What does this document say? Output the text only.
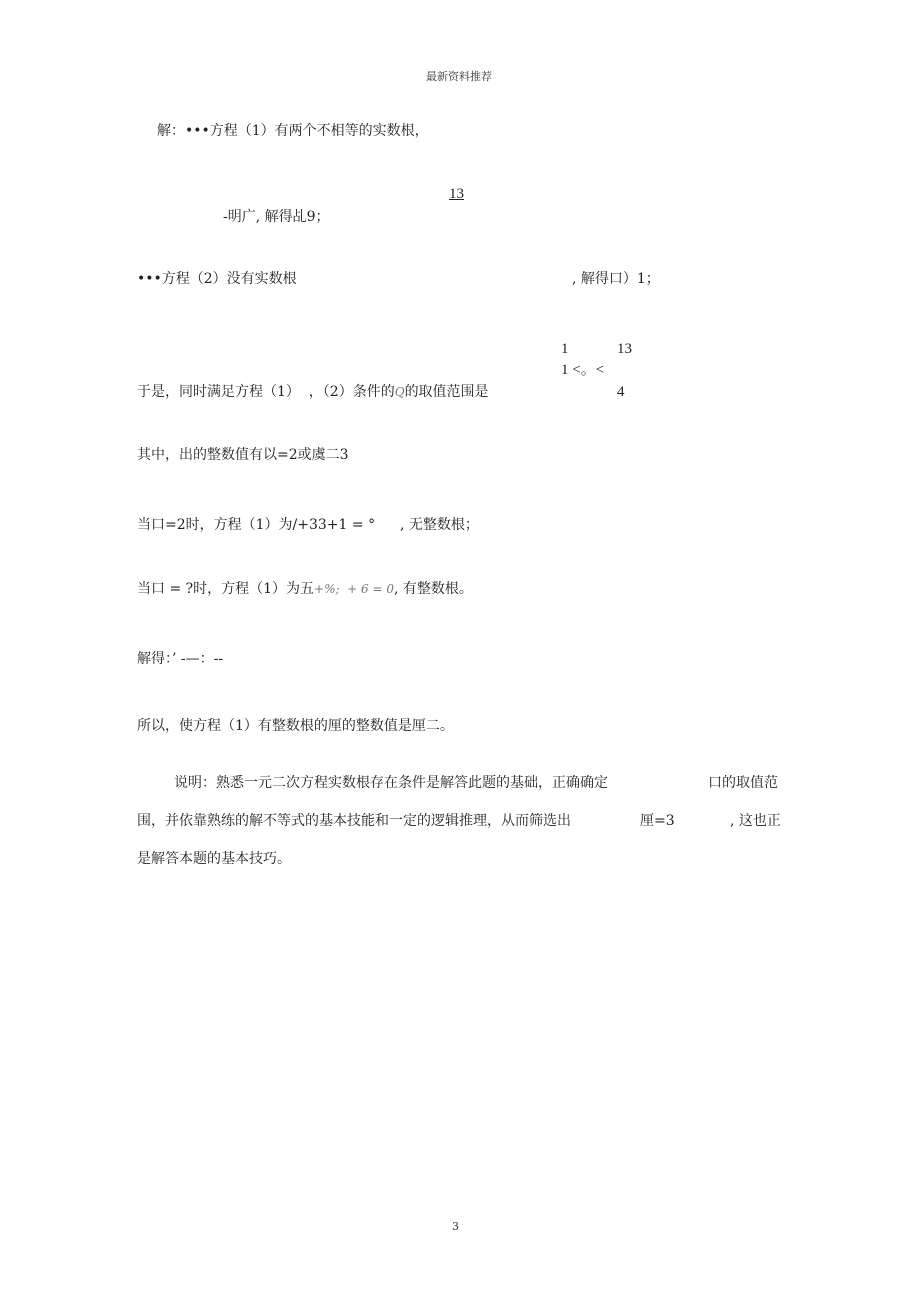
最新资料推荐
解：•••方程（1）有两个不相等的实数根，
13
-明广, 解得乩9；
•••方程（2）没有实数根	, 解得口）1；
1	13
1 <。<
4
于是，同时满足方程（1）  ，（2）条件的Q的取值范围是
其中，出的整数值有以=2或虞二3
当口=2时，方程（1）为/+33+1 = ° , 无整数根；
当口 = ?时，方程（1）为五+%;  + 6 = 0, 有整数根。
解得：’ -—：--
所以，使方程（1）有整数根的厘的整数值是厘二。
说明：熟悉一元二次方程实数根存在条件是解答此题的基础，正确确定	口的取值范
围，并依靠熟练的解不等式的基本技能和一定的逻辑推理，从而筛选出	厘=3	, 这也正
是解答本题的基本技巧。
3
